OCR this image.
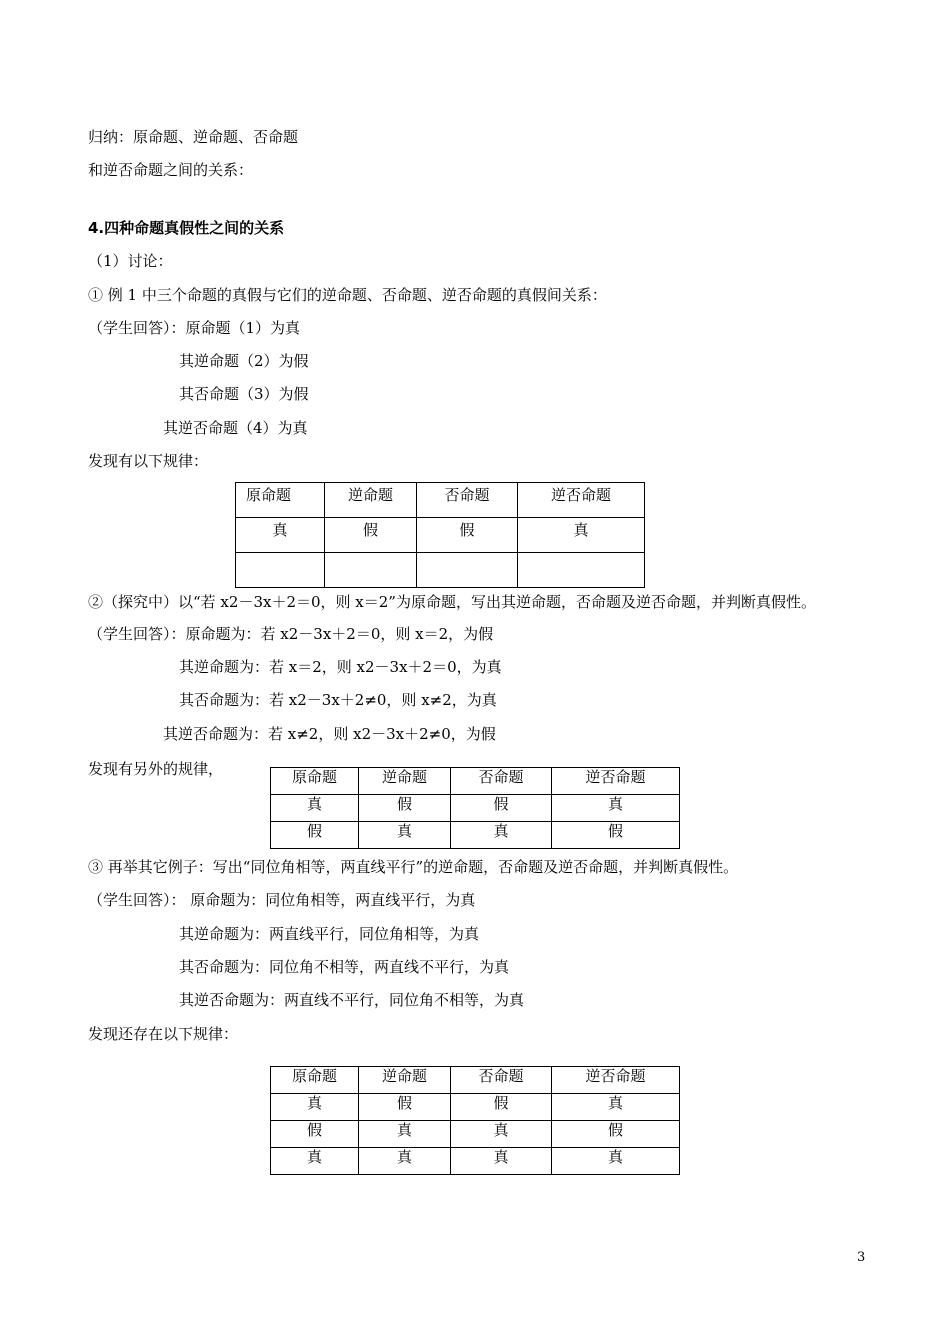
归纳：原命题、逆命题、否命题
和逆否命题之间的关系：
4.四种命题真假性之间的关系
（1）讨论：
① 例 1 中三个命题的真假与它们的逆命题、否命题、逆否命题的真假间关系：
（学生回答）：原命题（1）为真
其逆命题（2）为假
其否命题（3）为假
其逆否命题（4）为真
发现有以下规律：
原命题	逆命题	否命题	逆否命题
真	假	假	真

②（探究中）以“若 x2－3x＋2＝0，则 x＝2”为原命题，写出其逆命题，否命题及逆否命题，并判断真假性。
（学生回答）：原命题为：若 x2－3x＋2＝0，则 x＝2，为假
其逆命题为：若 x＝2，则 x2－3x＋2＝0，为真
其否命题为：若 x2－3x＋2≠0，则 x≠2，为真
其逆否命题为：若 x≠2，则 x2－3x＋2≠0，为假
发现有另外的规律，	原命题	逆命题	否命题	逆否命题
真	假	假	真
假	真	真	假
③ 再举其它例子：写出“同位角相等，两直线平行”的逆命题，否命题及逆否命题，并判断真假性。
（学生回答）： 原命题为：同位角相等，两直线平行，为真
其逆命题为：两直线平行，同位角相等，为真
其否命题为：同位角不相等，两直线不平行，为真
其逆否命题为：两直线不平行，同位角不相等，为真
发现还存在以下规律：
原命题	逆命题	否命题	逆否命题
真	假	假	真
假	真	真	假
真	真	真	真
3
